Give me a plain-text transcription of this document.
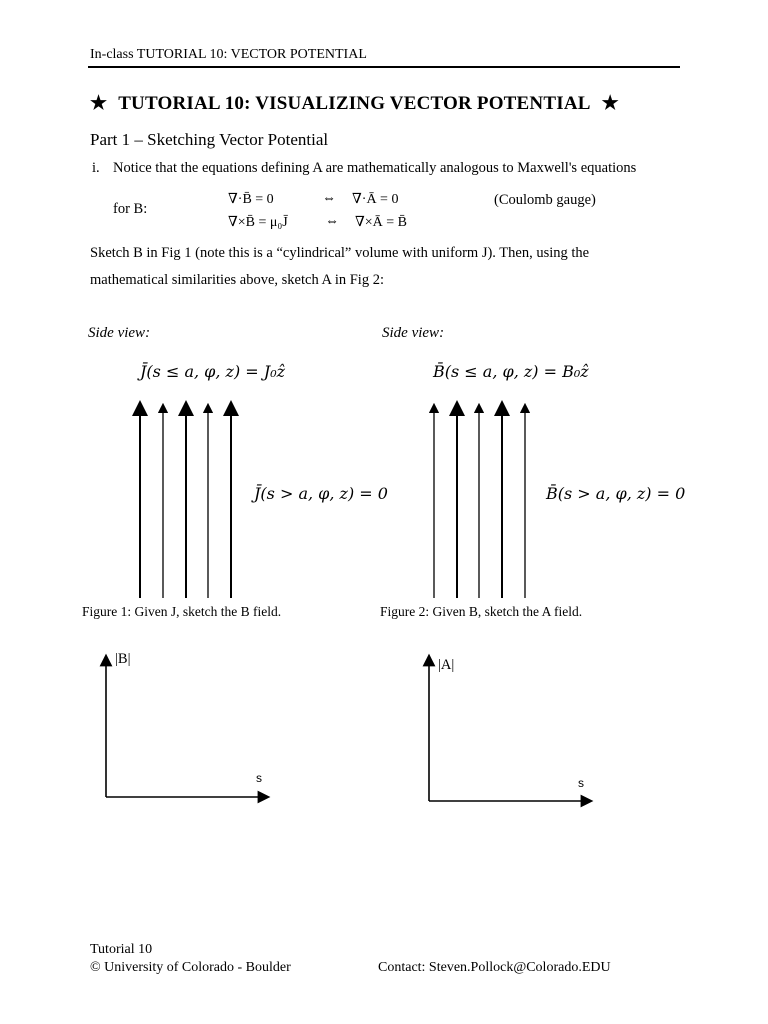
In-class TUTORIAL 10: VECTOR POTENTIAL
★ TUTORIAL 10: VISUALIZING VECTOR POTENTIAL ★
Part 1 – Sketching Vector Potential
i. Notice that the equations defining A are mathematically analogous to Maxwell's equations
for B:
∇·B̄ = 0	⇔ ∇·Ā = 0	(Coulomb gauge)
∇×B̄ = μ₀J̄	⇔ ∇×Ā = B̄
Sketch B in Fig 1 (note this is a “cylindrical” volume with uniform J). Then, using the
mathematical similarities above, sketch A in Fig 2:
Side view:
J̄(s ≤ a, φ, z) = J₀ẑ
J̄(s > a, φ, z) = 0
Figure 1: Given J, sketch the B field.
Side view:
B̄(s ≤ a, φ, z) = B₀ẑ
B̄(s > a, φ, z) = 0
Figure 2: Given B, sketch the A field.
|B|
s
|A|
s
Tutorial 10
© University of Colorado - Boulder	Contact: Steven.Pollock@Colorado.EDU
